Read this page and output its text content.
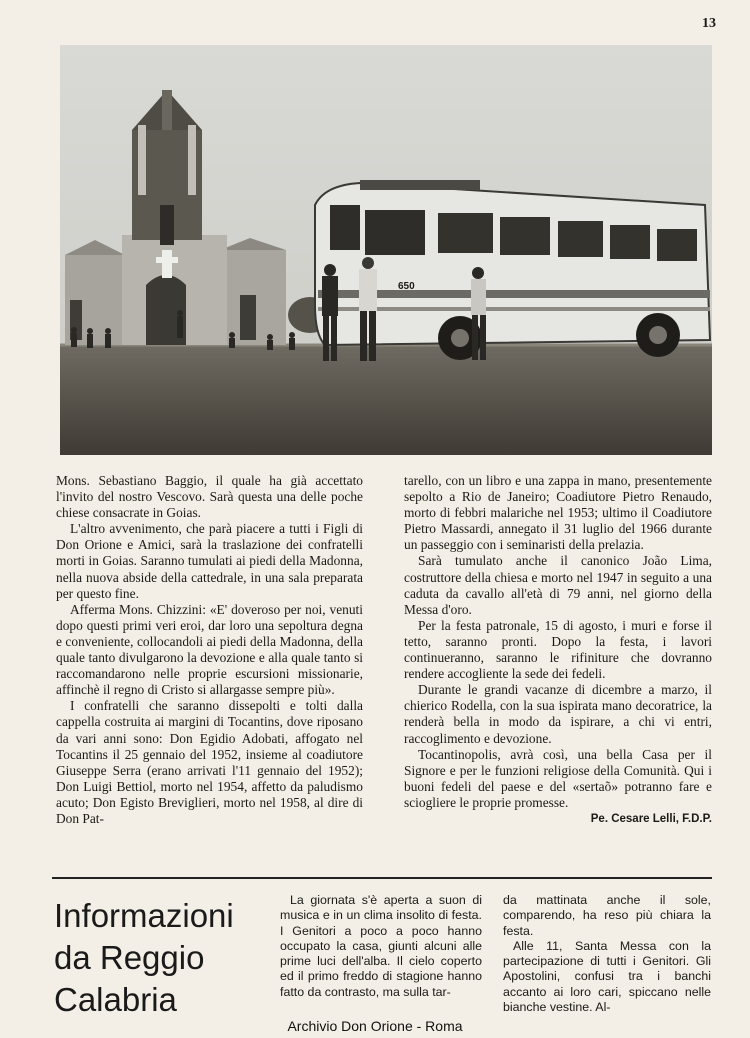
13
650

Mons. Sebastiano Baggio, il quale ha già accettato l'invito del nostro Vescovo. Sarà questa una delle poche chiese consacrate in Goias.

L'altro avvenimento, che parà piacere a tutti i Figli di Don Orione e Amici, sarà la traslazione dei confratelli morti in Goias. Saranno tumulati ai piedi della Madonna, nella nuova abside della cattedrale, in una sala preparata per questo fine.

Afferma Mons. Chizzini: «E' doveroso per noi, venuti dopo questi primi veri eroi, dar loro una sepoltura degna e conveniente, collocandoli ai piedi della Madonna, della quale tanto divulgarono la devozione e alla quale tanto si raccomandarono nelle proprie escursioni missionarie, affinchè il regno di Cristo si allargasse sempre più».

I confratelli che saranno dissepolti e tolti dalla cappella costruita ai margini di Tocantins, dove riposano da vari anni sono: Don Egidio Adobati, affogato nel Tocantins il 25 gennaio del 1952, insieme al coadiutore Giuseppe Serra (erano arrivati l'11 gennaio del 1952); Don Luigi Bettiol, morto nel 1954, affetto da paludismo acuto; Don Egisto Breviglieri, morto nel 1958, al dire di Don Pat-

tarello, con un libro e una zappa in mano, presentemente sepolto a Rio de Janeiro; Coadiutore Pietro Renaudo, morto di febbri malariche nel 1953; ultimo il Coadiutore Pietro Massardi, annegato il 31 luglio del 1966 durante un passeggio con i seminaristi della prelazia.

Sarà tumulato anche il canonico João Lima, costruttore della chiesa e morto nel 1947 in seguito a una caduta da cavallo all'età di 79 anni, nel giorno della Messa d'oro.

Per la festa patronale, 15 di agosto, i muri e forse il tetto, saranno pronti. Dopo la festa, i lavori continueranno, saranno le rifiniture che dovranno rendere accogliente la sede dei fedeli.

Durante le grandi vacanze di dicembre a marzo, il chierico Rodella, con la sua ispirata mano decoratrice, la renderà bella in modo da ispirare, a chi vi entri, raccoglimento e devozione.

Tocantinopolis, avrà così, una bella Casa per il Signore e per le funzioni religiose della Comunità. Qui i buoni fedeli del paese e del «sertaõ» potranno fare e sciogliere le proprie promesse.

Pe. Cesare Lelli, F.D.P.

Informazioni
da Reggio
Calabria

La giornata s'è aperta a suon di musica e in un clima insolito di festa. I Genitori a poco a poco hanno occupato la casa, giunti alcuni alle prime luci dell'alba. Il cielo coperto ed il primo freddo di stagione hanno fatto da contrasto, ma sulla tar-

da mattinata anche il sole, comparendo, ha reso più chiara la festa.

Alle 11, Santa Messa con la partecipazione di tutti i Genitori. Gli Apostolini, confusi tra i banchi accanto ai loro cari, spiccano nelle bianche vestine. Al-

Archivio Don Orione - Roma
